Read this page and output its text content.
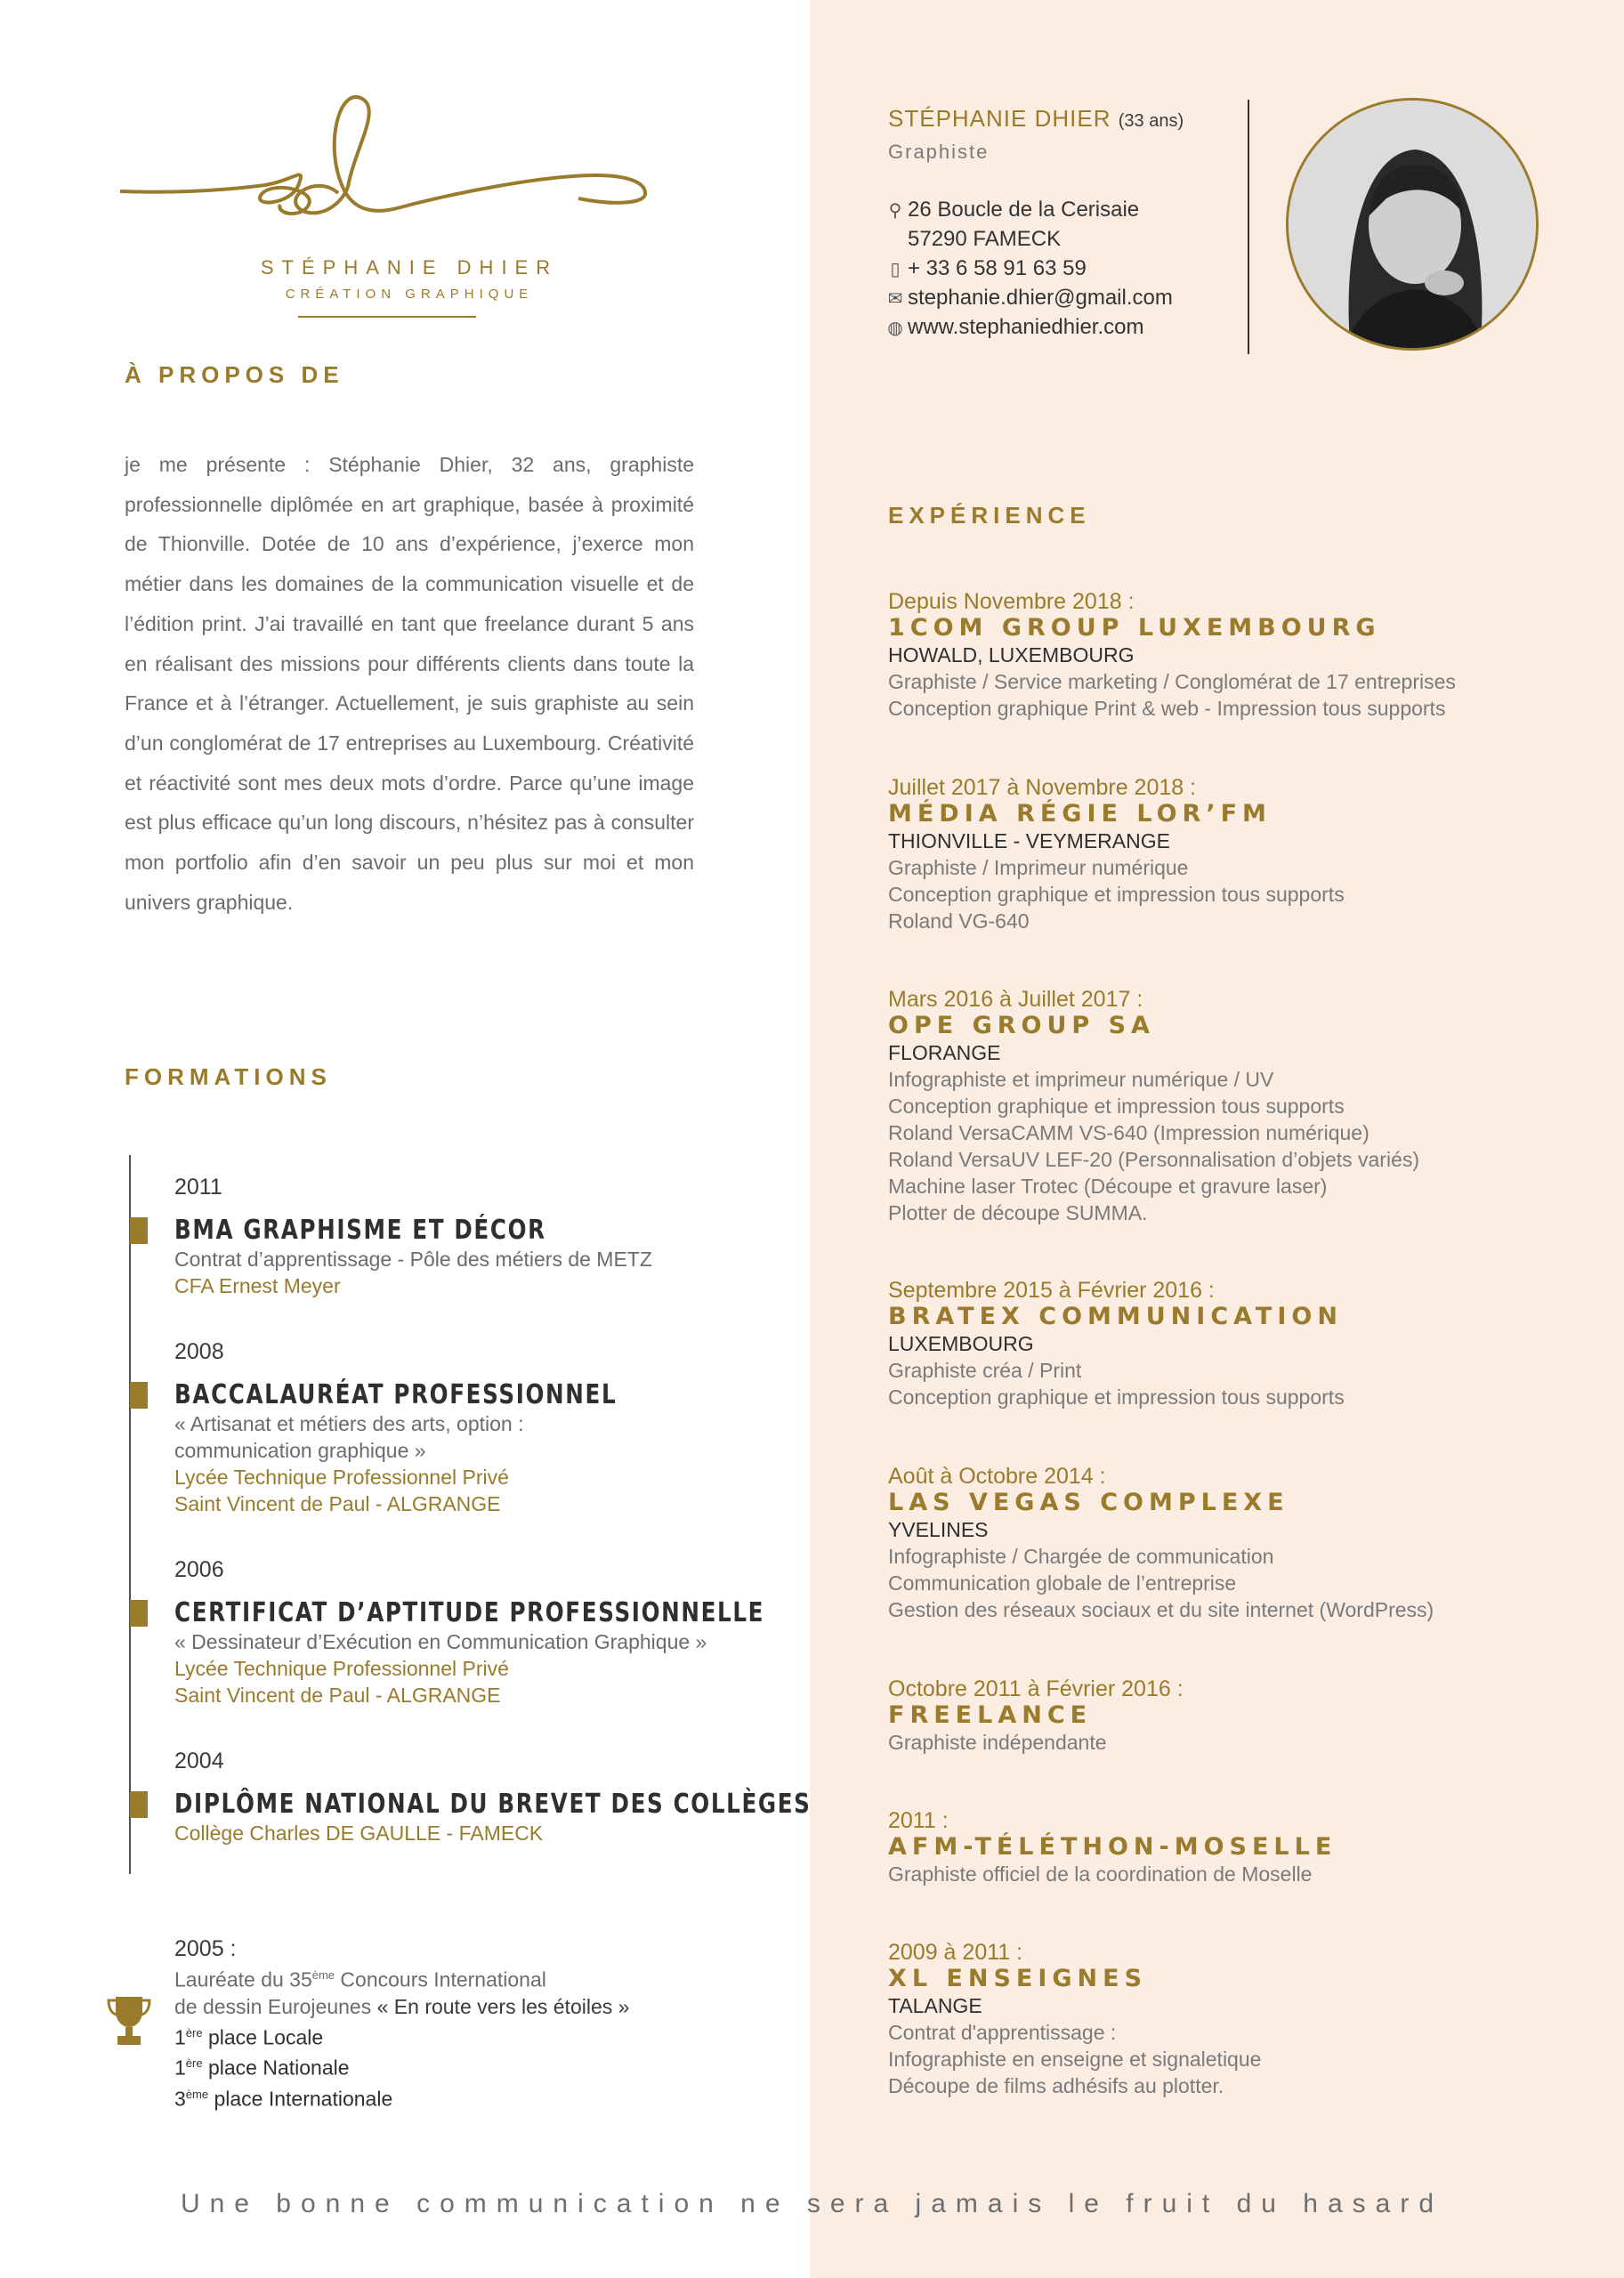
STÉPHANIE DHIER
CRÉATION GRAPHIQUE
À PROPOS DE
je me présente : Stéphanie Dhier, 32 ans, graphiste professionnelle diplômée en art graphique, basée à proximité de Thionville. Dotée de 10 ans d’expérience, j’exerce mon métier dans les domaines de la communication visuelle et de l’édition print. J’ai travaillé en tant que freelance durant 5 ans en réalisant des missions pour différents clients dans toute la France et à l’étranger. Actuellement, je suis graphiste au sein d’un conglomérat de 17 entreprises au Luxembourg. Créativité et réactivité sont mes deux mots d’ordre. Parce qu’une image est plus efficace qu’un long discours, n’hésitez pas à consulter mon portfolio afin d’en savoir un peu plus sur moi et mon univers graphique.
FORMATIONS
2011
BMA GRAPHISME ET DÉCOR
Contrat d’apprentissage - Pôle des métiers de METZ
CFA Ernest Meyer
2008
BACCALAURÉAT PROFESSIONNEL
« Artisanat et métiers des arts, option :
communication graphique »
Lycée Technique Professionnel Privé
Saint Vincent de Paul - ALGRANGE
2006
CERTIFICAT D’APTITUDE PROFESSIONNELLE
« Dessinateur d’Exécution en Communication Graphique »
Lycée Technique Professionnel Privé
Saint Vincent de Paul - ALGRANGE
2004
DIPLÔME NATIONAL DU BREVET DES COLLÈGES
Collège Charles DE GAULLE - FAMECK
2005 :
Lauréate du 35ème Concours International
de dessin Eurojeunes « En route vers les étoiles »
1ère place Locale
1ère place Nationale
3ème place Internationale
STÉPHANIE DHIER (33 ans)
Graphiste
⚲ 26 Boucle de la Cerisaie
57290 FAMECK
▯ + 33 6 58 91 63 59
✉ stephanie.dhier@gmail.com
◍ www.stephaniedhier.com
EXPÉRIENCE
Depuis Novembre 2018 :
1COM GROUP LUXEMBOURG
HOWALD, LUXEMBOURG
Graphiste / Service marketing / Conglomérat de 17 entreprises
Conception graphique Print & web - Impression tous supports
Juillet 2017 à Novembre 2018 :
MÉDIA RÉGIE LOR’FM
THIONVILLE - VEYMERANGE
Graphiste / Imprimeur numérique
Conception graphique et impression tous supports
Roland VG-640
Mars 2016 à Juillet 2017 :
OPE GROUP SA
FLORANGE
Infographiste et imprimeur numérique / UV
Conception graphique et impression tous supports
Roland VersaCAMM VS-640 (Impression numérique)
Roland VersaUV LEF-20 (Personnalisation d’objets variés)
Machine laser Trotec (Découpe et gravure laser)
Plotter de découpe SUMMA.
Septembre 2015 à Février 2016 :
BRATEX COMMUNICATION
LUXEMBOURG
Graphiste créa / Print
Conception graphique et impression tous supports
Août à Octobre 2014 :
LAS VEGAS COMPLEXE
YVELINES
Infographiste / Chargée de communication
Communication globale de l’entreprise
Gestion des réseaux sociaux et du site internet (WordPress)
Octobre 2011 à Février 2016 :
FREELANCE
Graphiste indépendante
2011 :
AFM-TÉLÉTHON-MOSELLE
Graphiste officiel de la coordination de Moselle
2009 à 2011 :
XL ENSEIGNES
TALANGE
Contrat d'apprentissage :
Infographiste en enseigne et signaletique
Découpe de films adhésifs au plotter.
Une bonne communication ne sera jamais le fruit du hasard
